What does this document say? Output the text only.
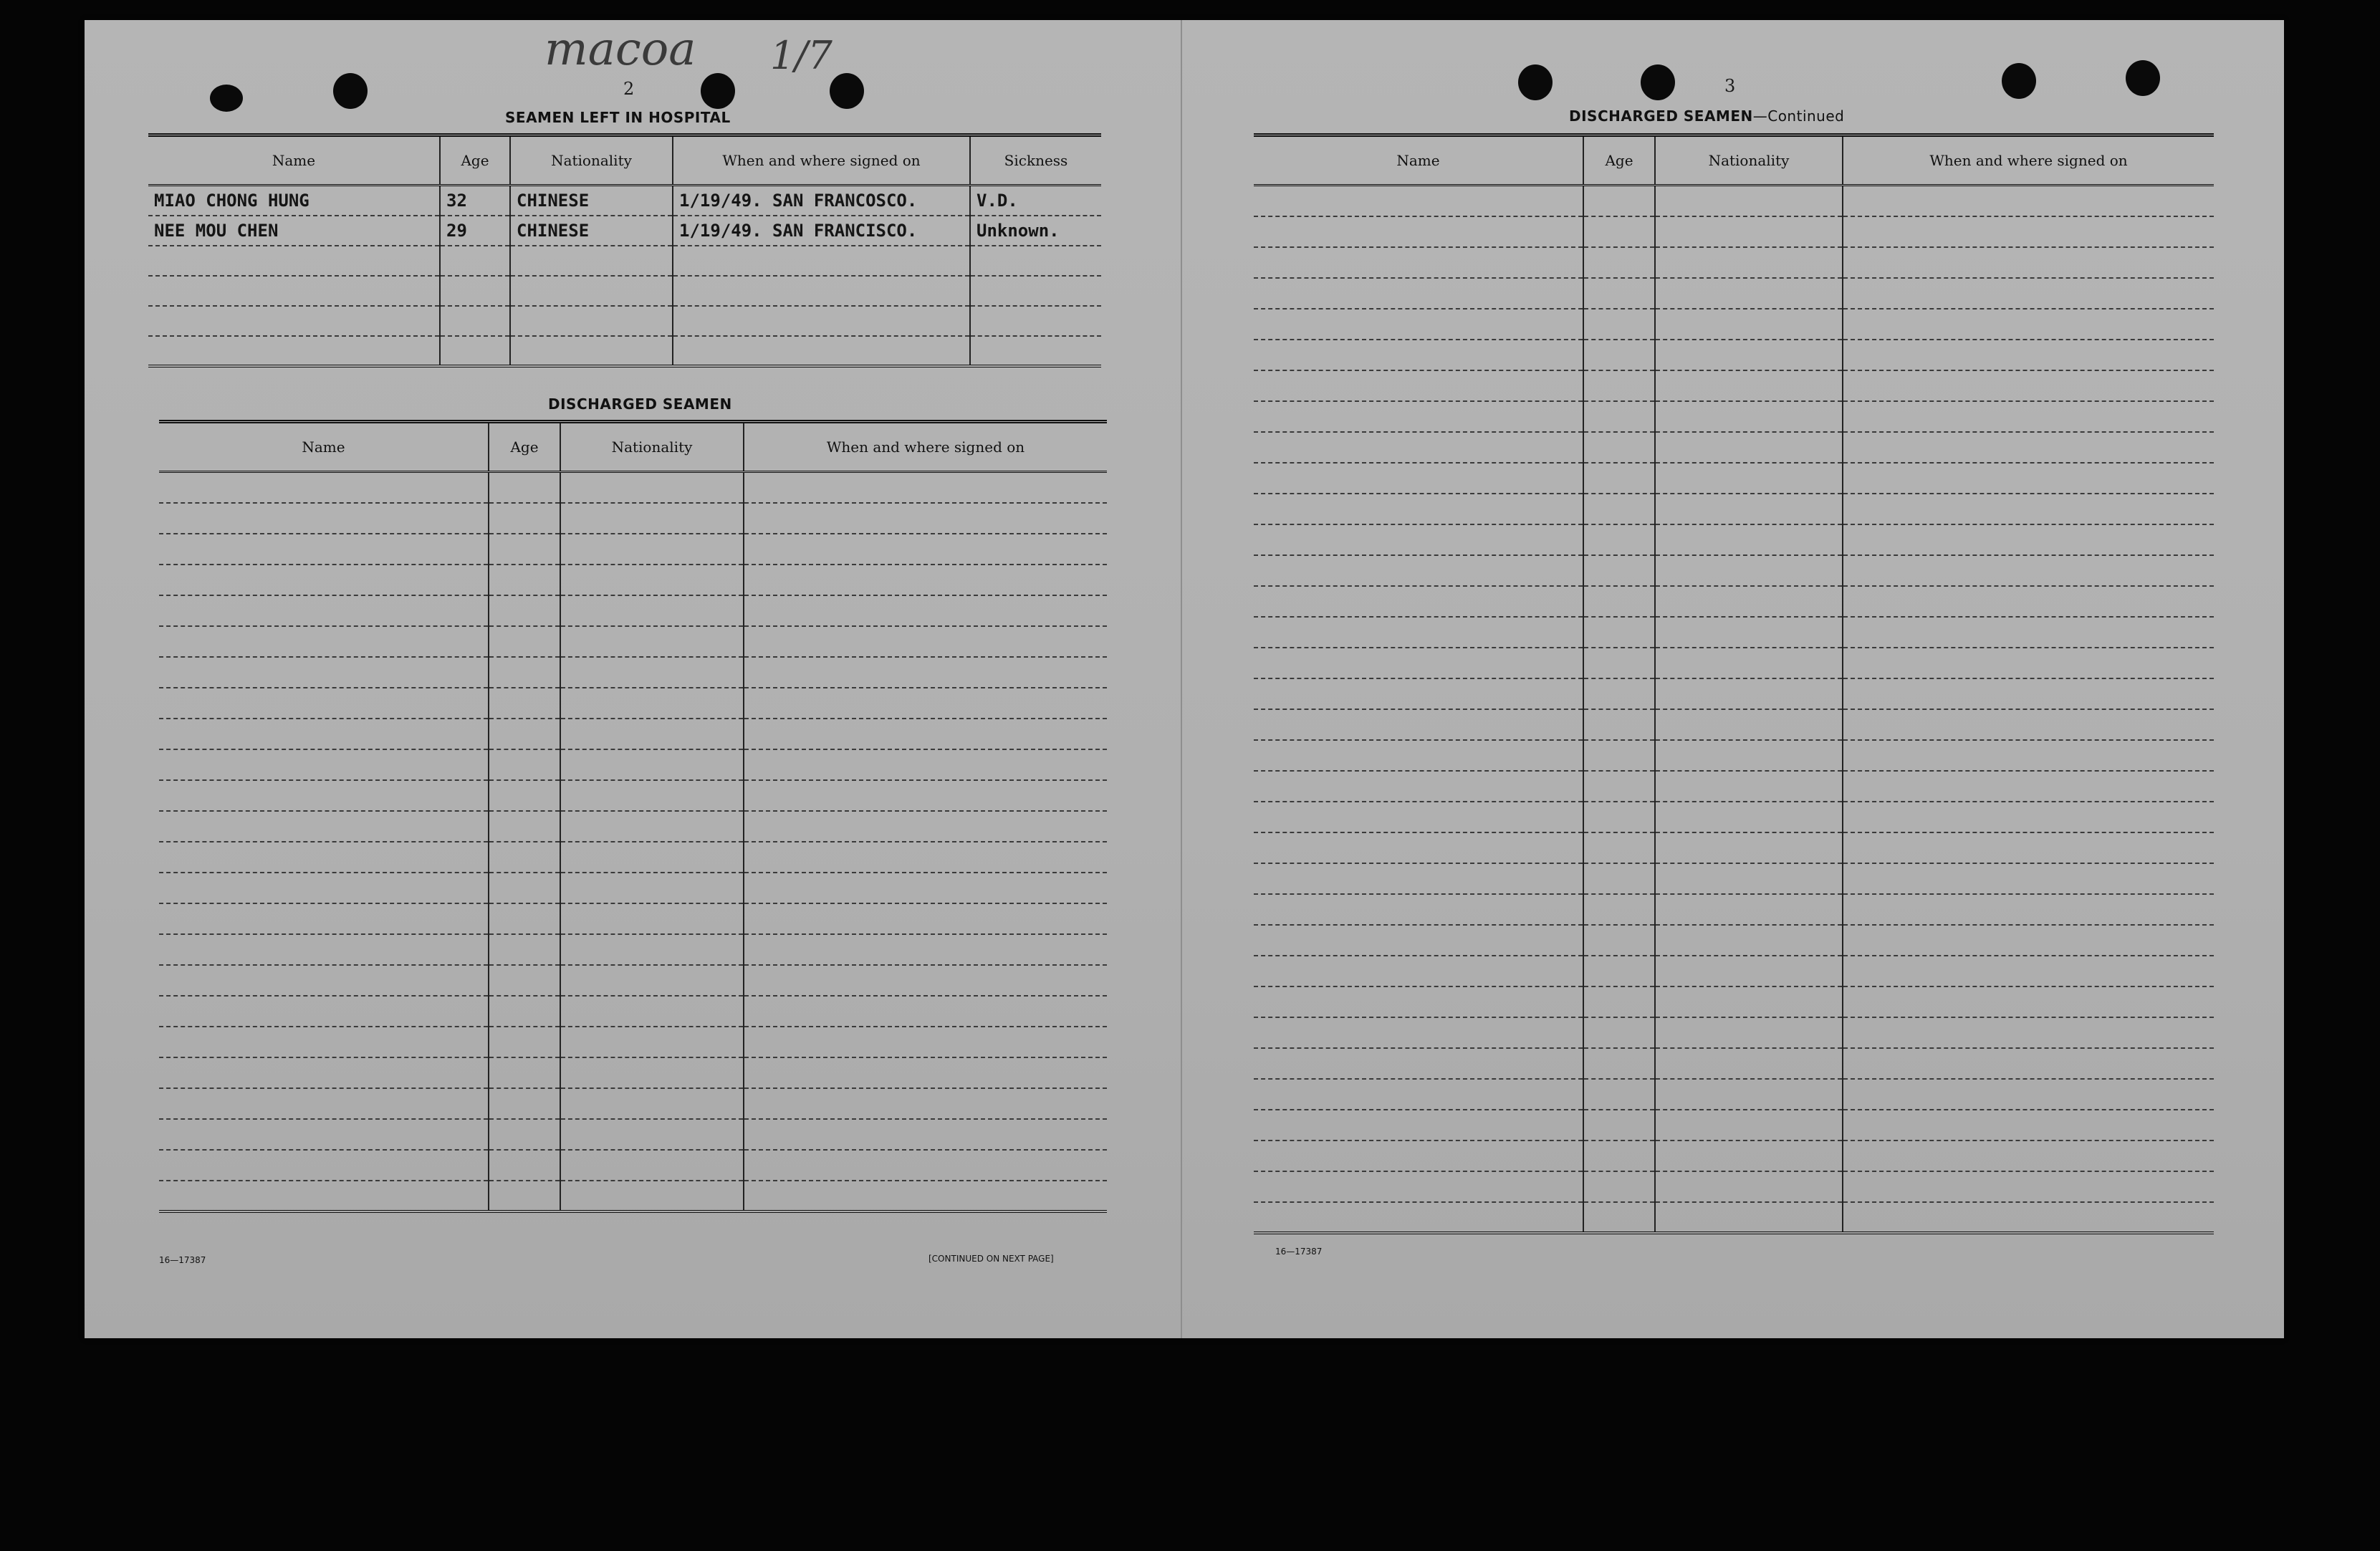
macoa 1/7
2
SEAMEN LEFT IN HOSPITAL
Name	Age	Nationality	When and where signed on	Sickness
MIAO CHONG HUNG	32	CHINESE	1/19/49. SAN FRANCOSCO.	V.D.
NEE MOU CHEN	29	CHINESE	1/19/49. SAN FRANCISCO.	Unknown.

DISCHARGED SEAMEN
Name	Age	Nationality	When and where signed on

16—17387	[CONTINUED ON NEXT PAGE]
3
DISCHARGED SEAMEN—Continued
Name	Age	Nationality	When and where signed on

16—17387
